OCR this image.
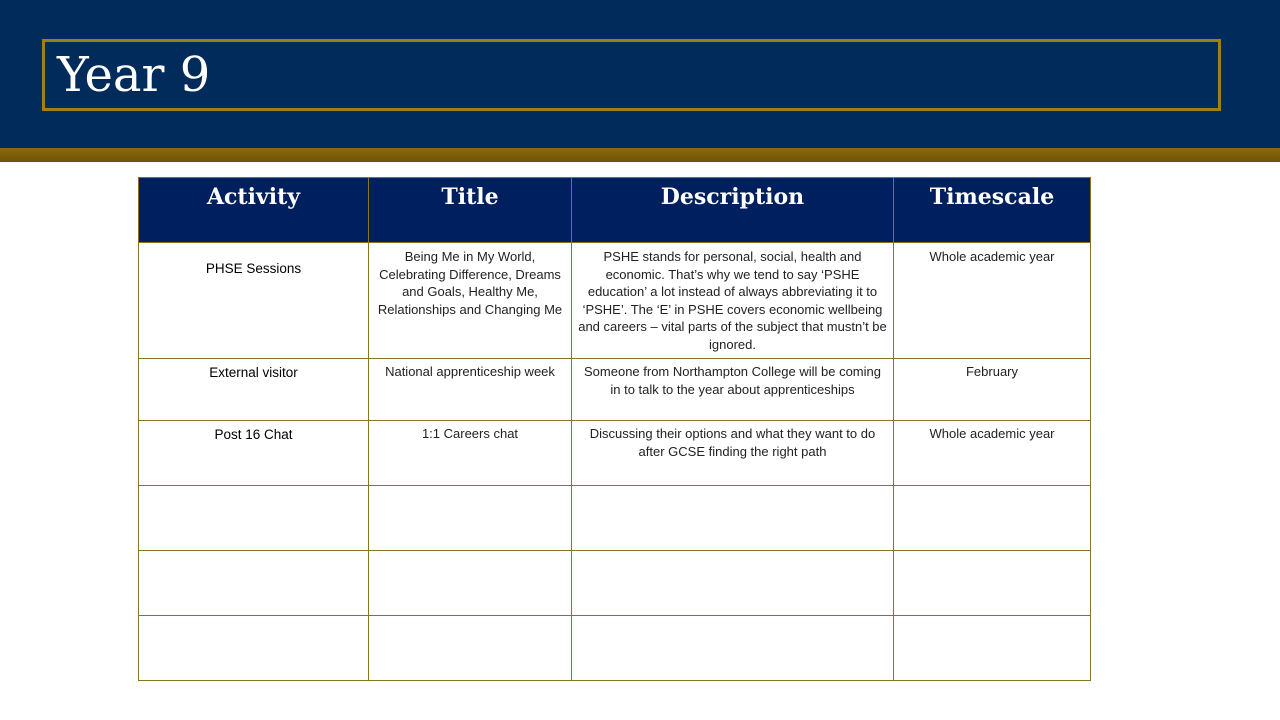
Year 9
Activity	Title	Description	Timescale
PHSE Sessions	Being Me in My World, Celebrating Difference, Dreams and Goals, Healthy Me, Relationships and Changing Me	PSHE stands for personal, social, health and economic. That’s why we tend to say ‘PSHE education’ a lot instead of always abbreviating it to ‘PSHE’. The ‘E’ in PSHE covers economic wellbeing and careers – vital parts of the subject that mustn’t be ignored.	Whole academic year
External visitor	National apprenticeship week	Someone from Northampton College will be coming in to talk to the year about apprenticeships	February
Post 16 Chat	1:1 Careers chat	Discussing their options and what they want to do after GCSE finding the right path	Whole academic year
